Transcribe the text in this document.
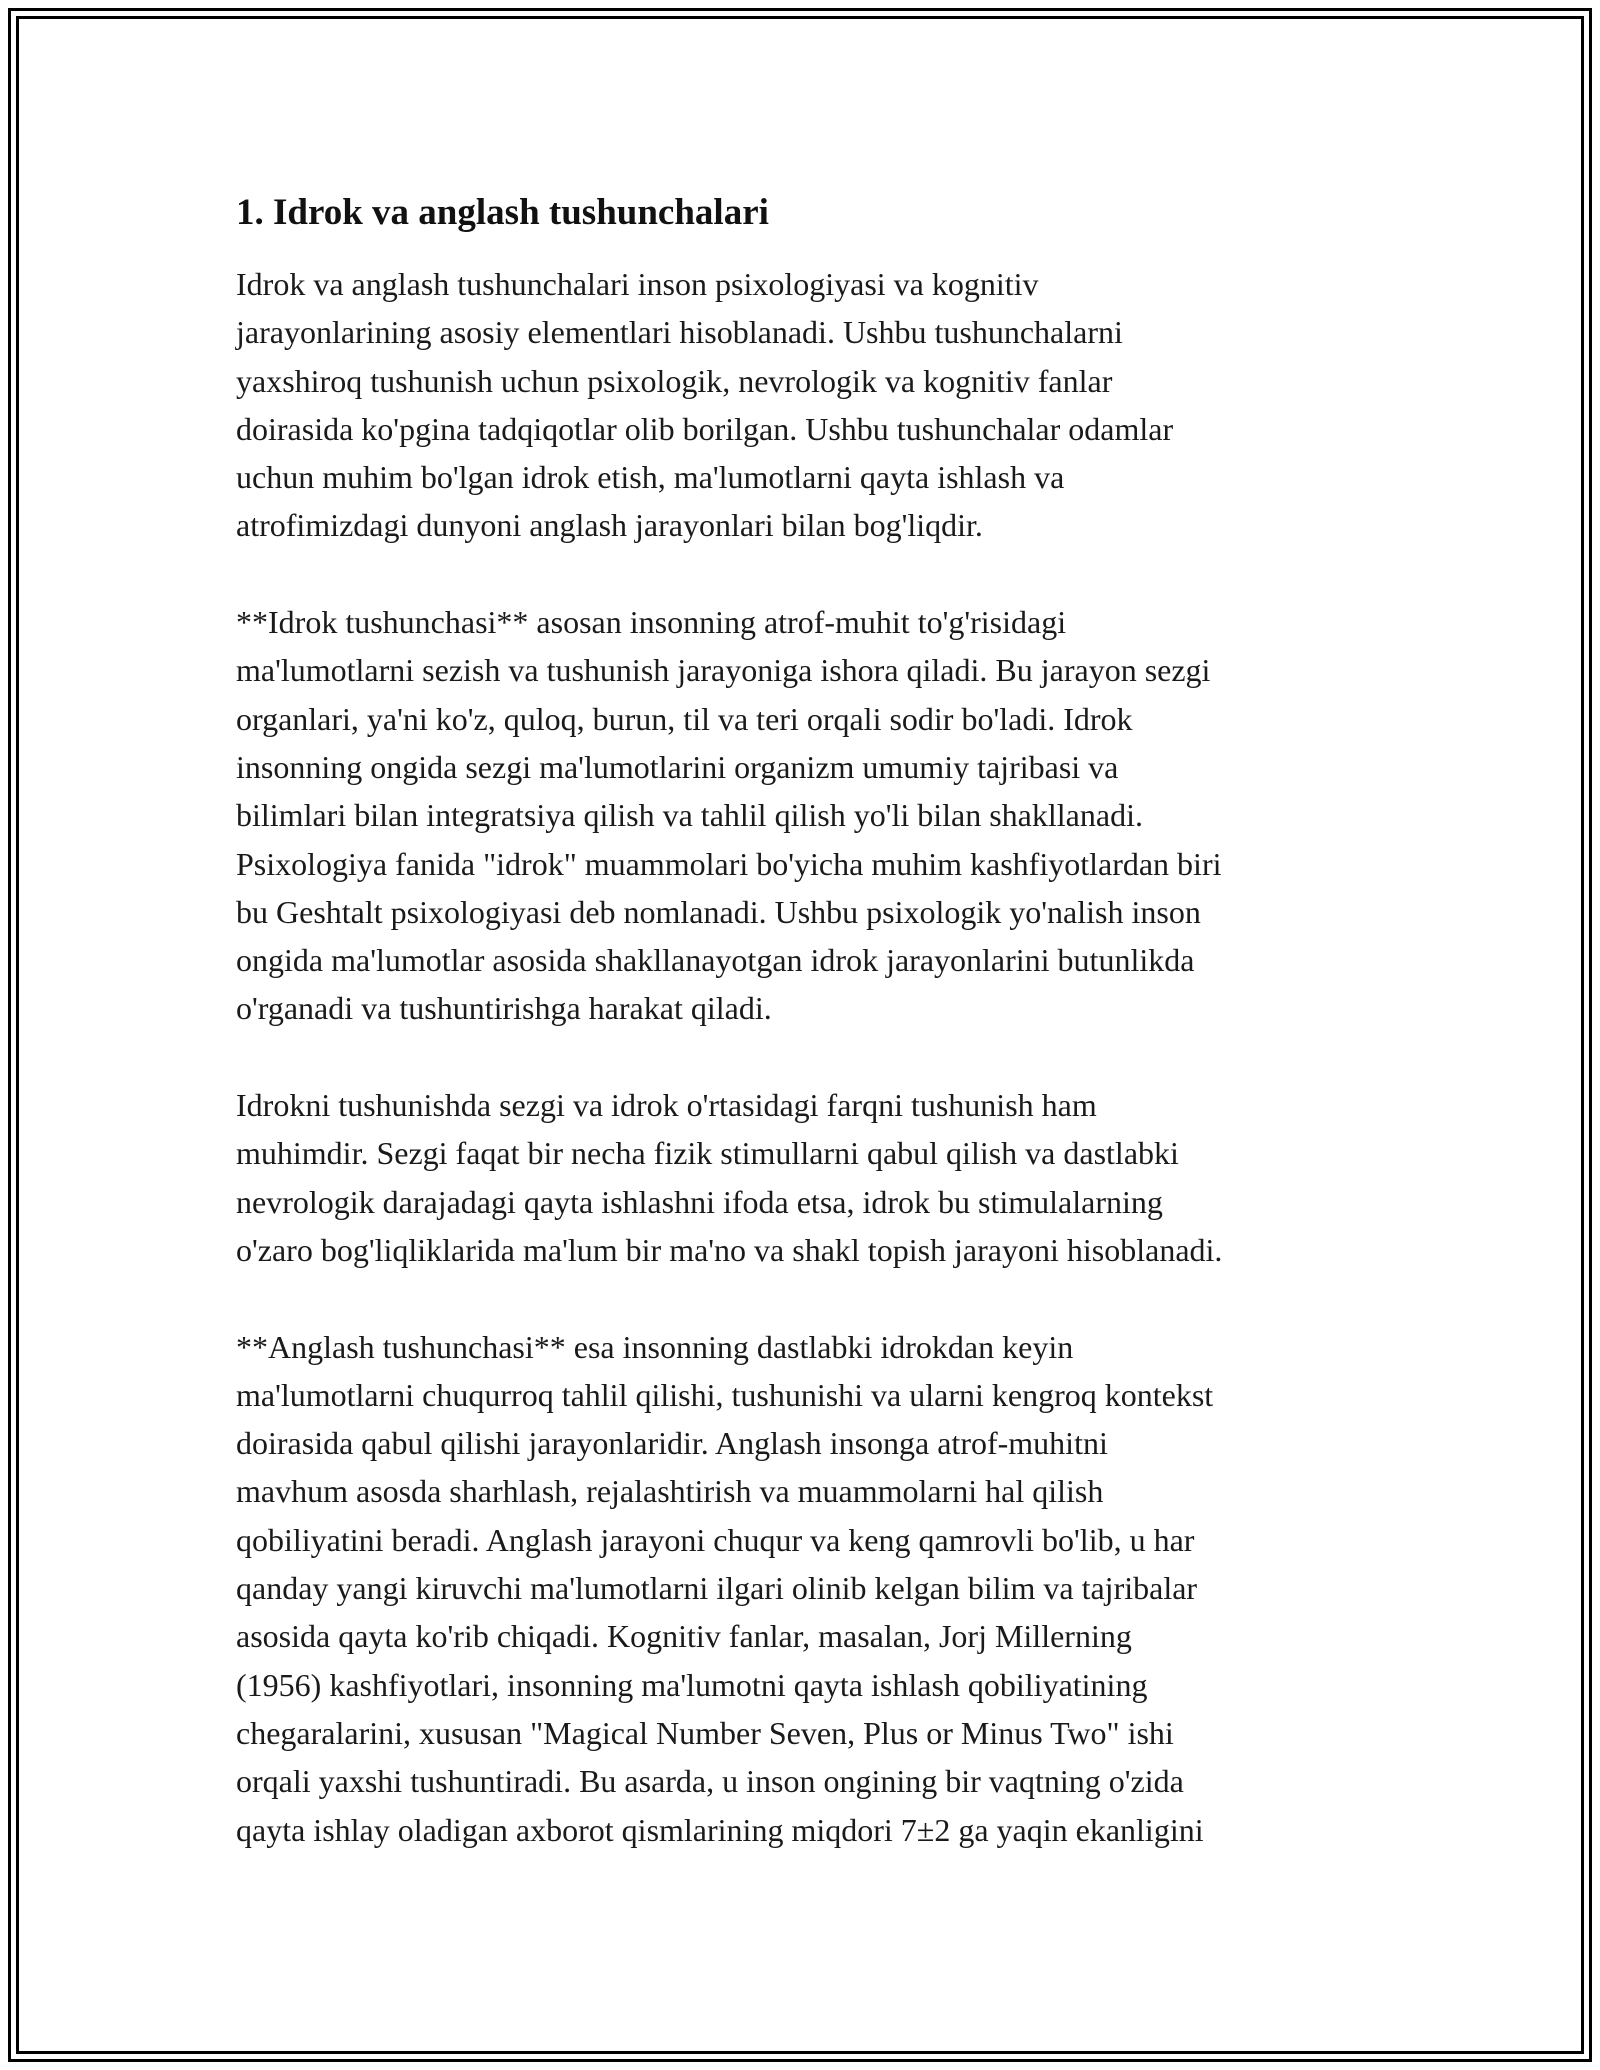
1. Idrok va anglash tushunchalari

Idrok va anglash tushunchalari inson psixologiyasi va kognitiv
jarayonlarining asosiy elementlari hisoblanadi. Ushbu tushunchalarni
yaxshiroq tushunish uchun psixologik, nevrologik va kognitiv fanlar
doirasida ko'pgina tadqiqotlar olib borilgan. Ushbu tushunchalar odamlar
uchun muhim bo'lgan idrok etish, ma'lumotlarni qayta ishlash va
atrofimizdagi dunyoni anglash jarayonlari bilan bog'liqdir.

**Idrok tushunchasi** asosan insonning atrof-muhit to'g'risidagi
ma'lumotlarni sezish va tushunish jarayoniga ishora qiladi. Bu jarayon sezgi
organlari, ya'ni ko'z, quloq, burun, til va teri orqali sodir bo'ladi. Idrok
insonning ongida sezgi ma'lumotlarini organizm umumiy tajribasi va
bilimlari bilan integratsiya qilish va tahlil qilish yo'li bilan shakllanadi.
Psixologiya fanida "idrok" muammolari bo'yicha muhim kashfiyotlardan biri
bu Geshtalt psixologiyasi deb nomlanadi. Ushbu psixologik yo'nalish inson
ongida ma'lumotlar asosida shakllanayotgan idrok jarayonlarini butunlikda
o'rganadi va tushuntirishga harakat qiladi.

Idrokni tushunishda sezgi va idrok o'rtasidagi farqni tushunish ham
muhimdir. Sezgi faqat bir necha fizik stimullarni qabul qilish va dastlabki
nevrologik darajadagi qayta ishlashni ifoda etsa, idrok bu stimulalarning
o'zaro bog'liqliklarida ma'lum bir ma'no va shakl topish jarayoni hisoblanadi.

**Anglash tushunchasi** esa insonning dastlabki idrokdan keyin
ma'lumotlarni chuqurroq tahlil qilishi, tushunishi va ularni kengroq kontekst
doirasida qabul qilishi jarayonlaridir. Anglash insonga atrof-muhitni
mavhum asosda sharhlash, rejalashtirish va muammolarni hal qilish
qobiliyatini beradi. Anglash jarayoni chuqur va keng qamrovli bo'lib, u har
qanday yangi kiruvchi ma'lumotlarni ilgari olinib kelgan bilim va tajribalar
asosida qayta ko'rib chiqadi. Kognitiv fanlar, masalan, Jorj Millerning
(1956) kashfiyotlari, insonning ma'lumotni qayta ishlash qobiliyatining
chegaralarini, xususan "Magical Number Seven, Plus or Minus Two" ishi
orqali yaxshi tushuntiradi. Bu asarda, u inson ongining bir vaqtning o'zida
qayta ishlay oladigan axborot qismlarining miqdori 7±2 ga yaqin ekanligini
